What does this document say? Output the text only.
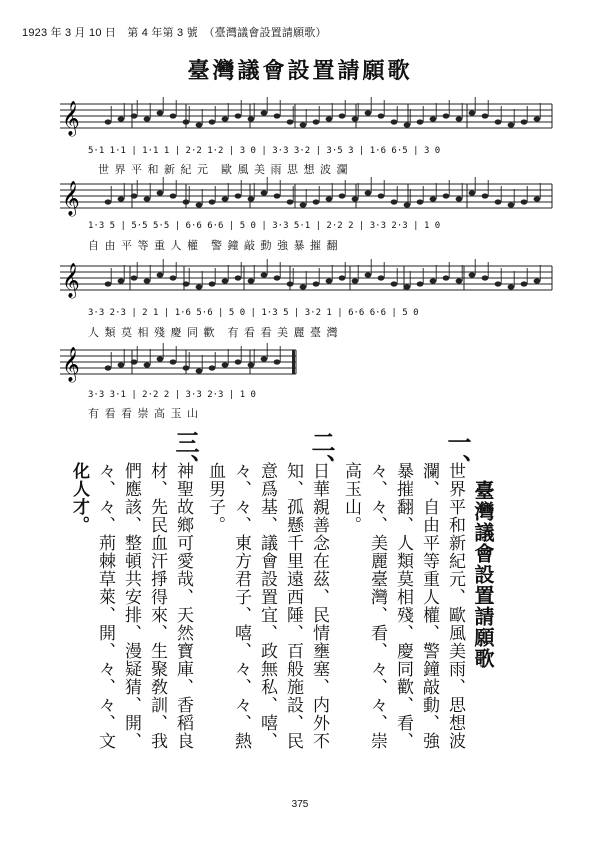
1923 年 3 月 10 日　第 4 年第 3 號　（臺灣議會設置請願歌）
臺灣議會設置請願歌
𝄞
𝄞
𝄞
𝄞
5·1 1·1 | 1·1 1 | 2·2 1·2 | 3 0 | 3·3 3·2 | 3·5 3 | 1·6 6·5 | 3 0
世 界 平 和 新 紀 元　歐 風 美 雨 思 想 波 瀾
1·3 5 | 5·5 5·5 | 6·6 6·6 | 5 0 | 3·3 5·1 | 2·2 2 | 3·3 2·3 | 1 0
自 由 平 等 重 人 權　警 鐘 敲 動 強 暴 摧 翻
3·3 2·3 | 2 1 | 1·6 5·6 | 5 0 | 1·3 5 | 3·2 1 | 6·6 6·6 | 5 0
人 類 莫 相 殘 慶 同 歡　有 看 看 美 麗 臺 灣
3·3 3·1 | 2·2 2 | 3·3 2·3 | 1 0
有 看 看 崇 高 玉 山
臺灣議會設置請願歌
一、
世界平和新紀元、歐風美雨、思想波
瀾、自由平等重人權、警鐘敲動、強
暴摧翻、人類莫相殘、慶同歡、看、
々、々、美麗臺灣、看、々、々、崇
高玉山。
二、
日華親善念在茲、民情壅塞、内外不
知、孤懸千里遠西陲、百般施設、民
意爲基、議會設置宜、政無私、嘻、
々、々、東方君子、嘻、々、々、熱
血男子。
三、
神聖故鄉可愛哉、天然寶庫、香稻良
材、先民血汗掙得來、生聚敎訓、我
們應該、整頓共安排、漫疑猜、開、
々、々、荊棘草萊、開、々、々、文
化人才。
375
